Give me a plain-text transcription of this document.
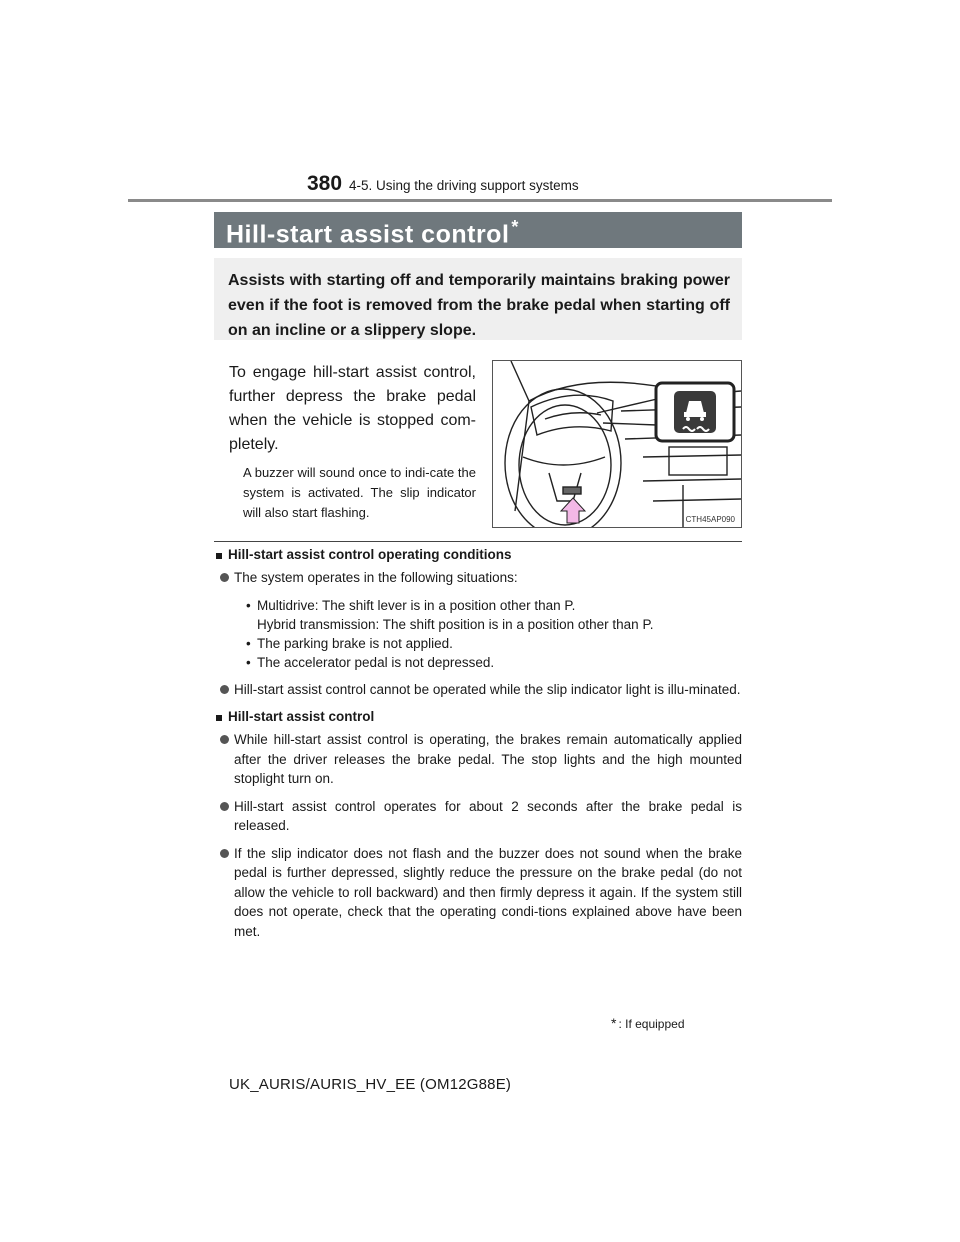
380 4-5. Using the driving support systems
Hill-start assist control *
Assists with starting off and temporarily maintains braking power even if the foot is removed from the brake pedal when starting off on an incline or a slippery slope.
To engage hill-start assist control, further depress the brake pedal when the vehicle is stopped com-pletely.
A buzzer will sound once to indi-cate the system is activated. The slip indicator will also start flashing.	CTH45AP090
Hill-start assist control operating conditions
The system operates in the following situations:
• Multidrive: The shift lever is in a position other than P.
Hybrid transmission: The shift position is in a position other than P.
• The parking brake is not applied.
• The accelerator pedal is not depressed.
Hill-start assist control cannot be operated while the slip indicator light is illu-minated.
Hill-start assist control
While hill-start assist control is operating, the brakes remain automatically applied after the driver releases the brake pedal. The stop lights and the high mounted stoplight turn on.
Hill-start assist control operates for about 2 seconds after the brake pedal is released.
If the slip indicator does not flash and the buzzer does not sound when the brake pedal is further depressed, slightly reduce the pressure on the brake pedal (do not allow the vehicle to roll backward) and then firmly depress it again. If the system still does not operate, check that the operating condi-tions explained above have been met.
* : If equipped
UK_AURIS/AURIS_HV_EE (OM12G88E)
